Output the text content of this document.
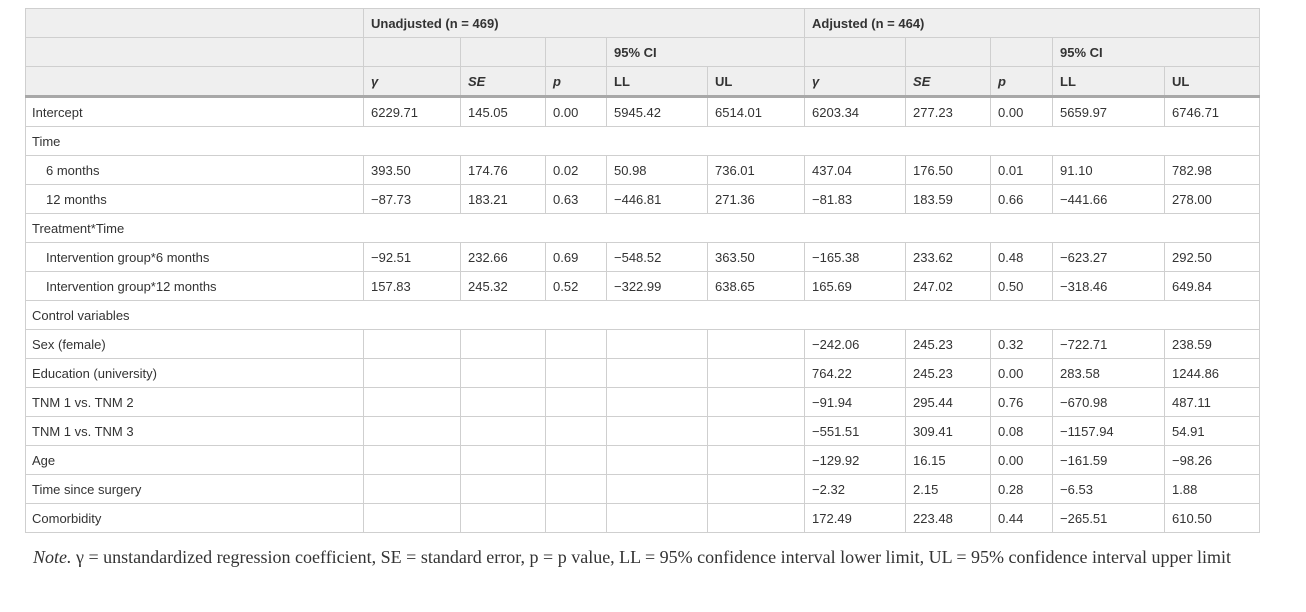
	Unadjusted (n = 469)					Adjusted (n = 464)				
				95% CI					95% CI	
	γ	SE	p	LL	UL	γ	SE	p	LL	UL
Intercept	6229.71	145.05	0.00	5945.42	6514.01	6203.34	277.23	0.00	5659.97	6746.71
Time										
6 months	393.50	174.76	0.02	50.98	736.01	437.04	176.50	0.01	91.10	782.98
12 months	−87.73	183.21	0.63	−446.81	271.36	−81.83	183.59	0.66	−441.66	278.00
Treatment*Time										
Intervention group*6 months	−92.51	232.66	0.69	−548.52	363.50	−165.38	233.62	0.48	−623.27	292.50
Intervention group*12 months	157.83	245.32	0.52	−322.99	638.65	165.69	247.02	0.50	−318.46	649.84
Control variables										
Sex (female)						−242.06	245.23	0.32	−722.71	238.59
Education (university)						764.22	245.23	0.00	283.58	1244.86
TNM 1 vs. TNM 2						−91.94	295.44	0.76	−670.98	487.11
TNM 1 vs. TNM 3						−551.51	309.41	0.08	−1157.94	54.91
Age						−129.92	16.15	0.00	−161.59	−98.26
Time since surgery						−2.32	2.15	0.28	−6.53	1.88
Comorbidity						172.49	223.48	0.44	−265.51	610.50
Note. γ = unstandardized regression coefficient, SE = standard error, p = p value, LL = 95% confidence interval lower limit, UL = 95% confidence interval upper limit
